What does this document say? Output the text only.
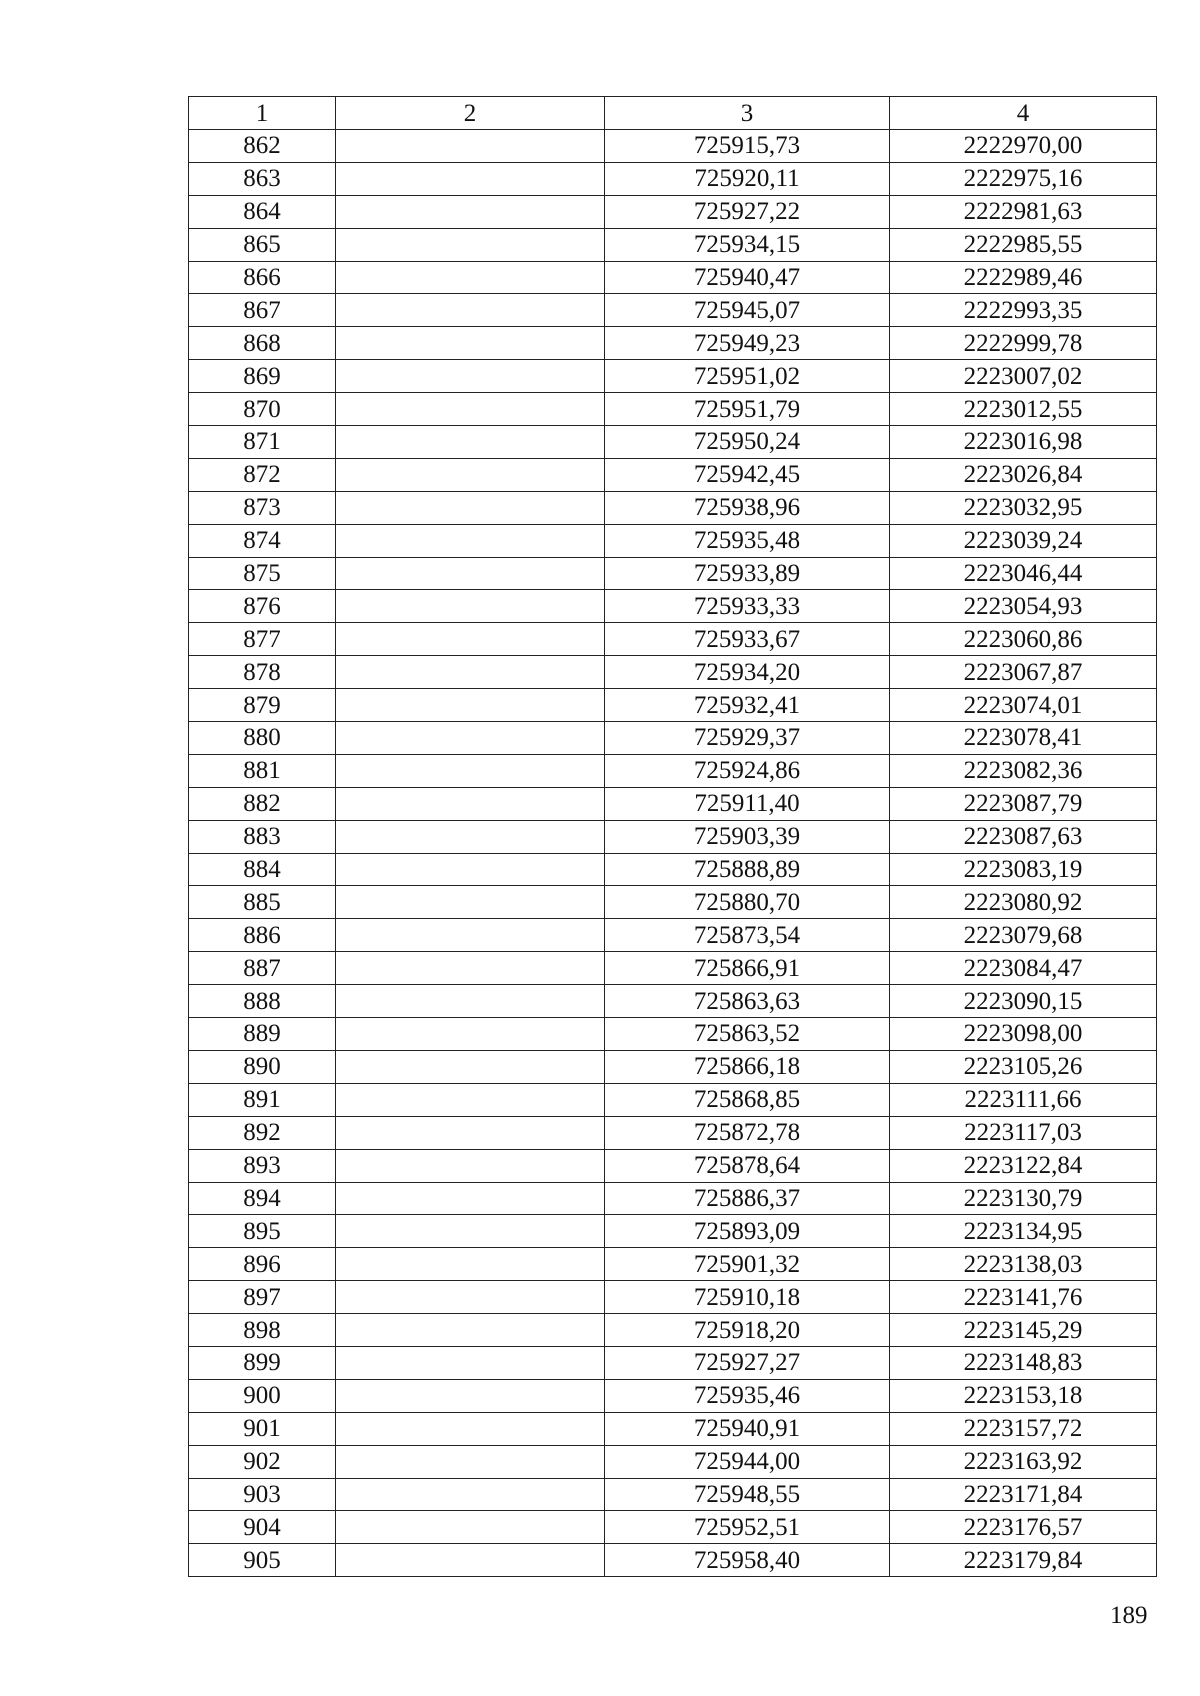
1	2	3	4
862		725915,73	2222970,00
863		725920,11	2222975,16
864		725927,22	2222981,63
865		725934,15	2222985,55
866		725940,47	2222989,46
867		725945,07	2222993,35
868		725949,23	2222999,78
869		725951,02	2223007,02
870		725951,79	2223012,55
871		725950,24	2223016,98
872		725942,45	2223026,84
873		725938,96	2223032,95
874		725935,48	2223039,24
875		725933,89	2223046,44
876		725933,33	2223054,93
877		725933,67	2223060,86
878		725934,20	2223067,87
879		725932,41	2223074,01
880		725929,37	2223078,41
881		725924,86	2223082,36
882		725911,40	2223087,79
883		725903,39	2223087,63
884		725888,89	2223083,19
885		725880,70	2223080,92
886		725873,54	2223079,68
887		725866,91	2223084,47
888		725863,63	2223090,15
889		725863,52	2223098,00
890		725866,18	2223105,26
891		725868,85	2223111,66
892		725872,78	2223117,03
893		725878,64	2223122,84
894		725886,37	2223130,79
895		725893,09	2223134,95
896		725901,32	2223138,03
897		725910,18	2223141,76
898		725918,20	2223145,29
899		725927,27	2223148,83
900		725935,46	2223153,18
901		725940,91	2223157,72
902		725944,00	2223163,92
903		725948,55	2223171,84
904		725952,51	2223176,57
905		725958,40	2223179,84
189
